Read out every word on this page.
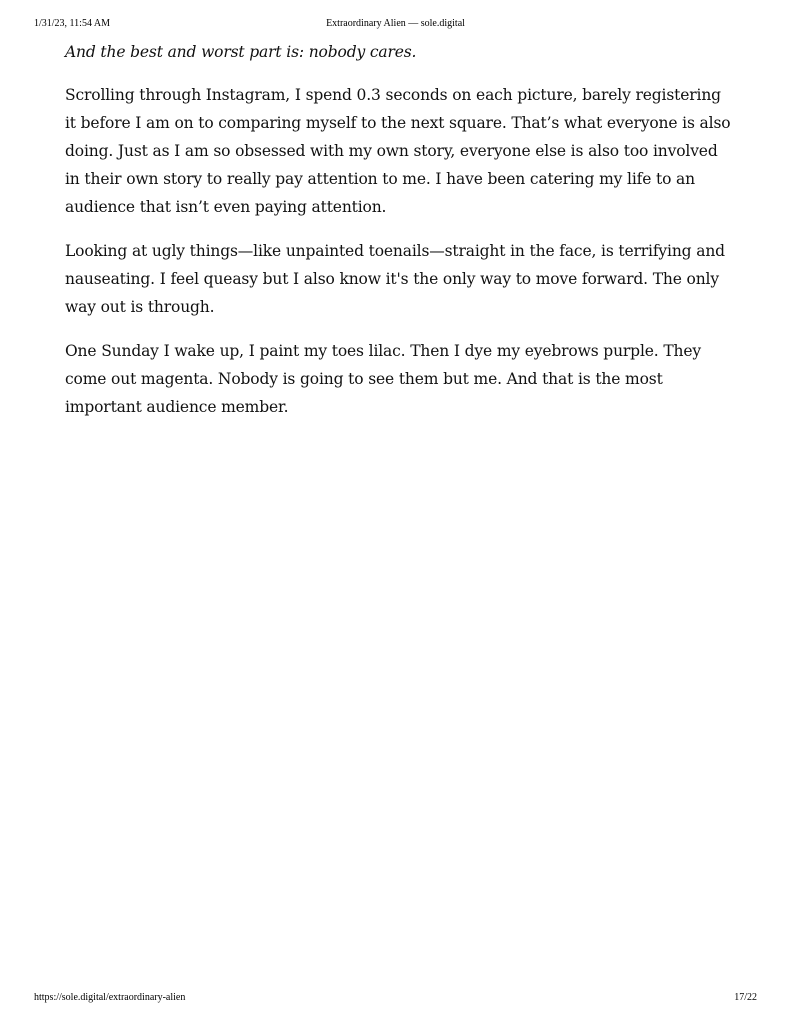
1/31/23, 11:54 AM	Extraordinary Alien — sole.digital

And the best and worst part is: nobody cares.

Scrolling through Instagram, I spend 0.3 seconds on each picture, barely registering it before I am on to comparing myself to the next square. That’s what everyone is also doing. Just as I am so obsessed with my own story, everyone else is also too involved in their own story to really pay attention to me. I have been catering my life to an audience that isn’t even paying attention.

Looking at ugly things—like unpainted toenails—straight in the face, is terrifying and nauseating. I feel queasy but I also know it's the only way to move forward. The only way out is through.

One Sunday I wake up, I paint my toes lilac. Then I dye my eyebrows purple. They come out magenta. Nobody is going to see them but me. And that is the most important audience member.

https://sole.digital/extraordinary-alien	17/22
